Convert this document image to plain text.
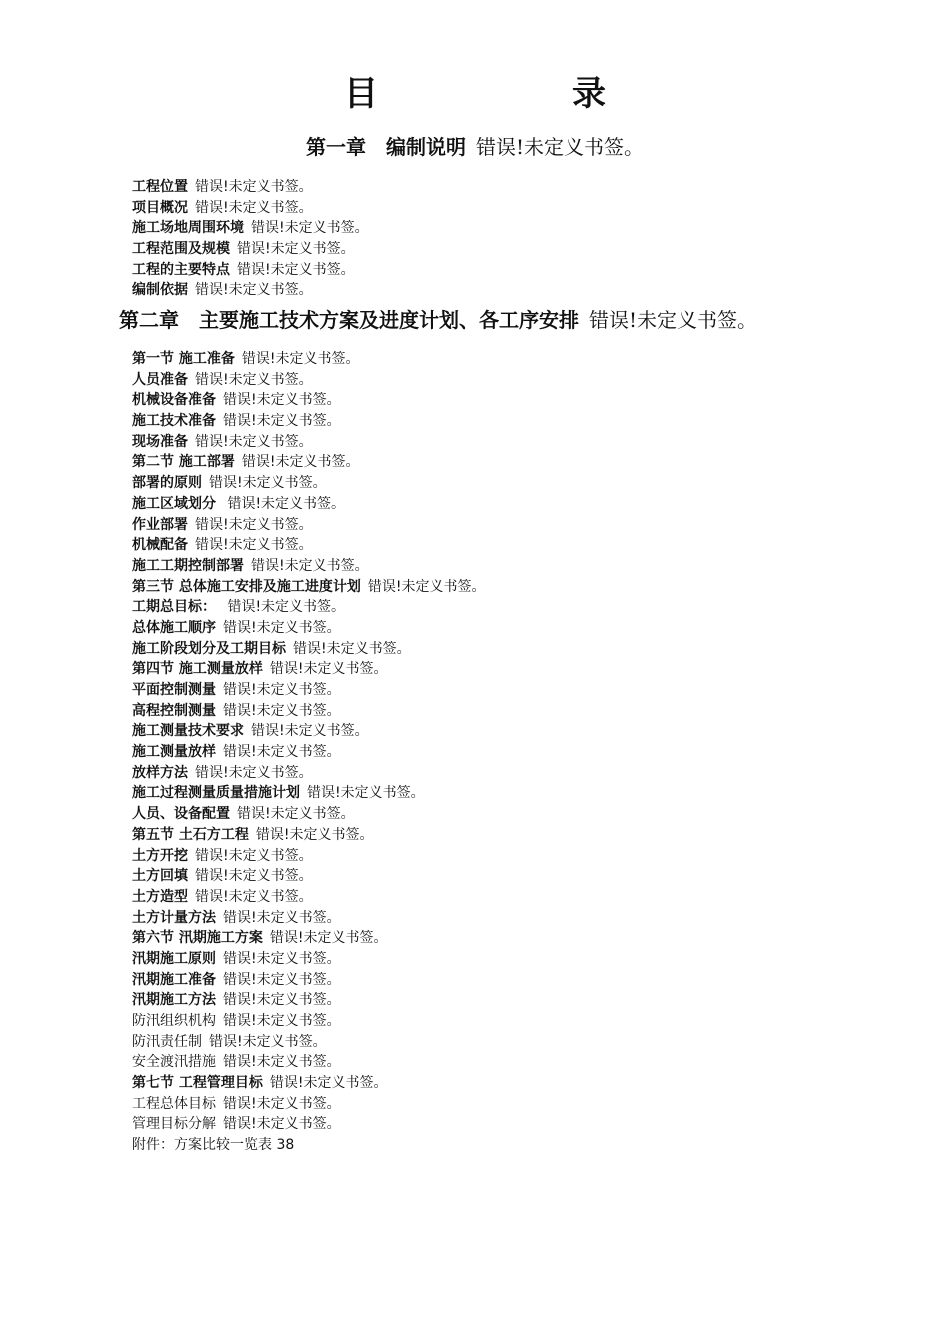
目　录
第一章　编制说明 错误!未定义书签。
工程位置 错误!未定义书签。
项目概况 错误!未定义书签。
施工场地周围环境 错误!未定义书签。
工程范围及规模 错误!未定义书签。
工程的主要特点 错误!未定义书签。
编制依据 错误!未定义书签。
第二章　主要施工技术方案及进度计划、各工序安排 错误!未定义书签。
第一节 施工准备 错误!未定义书签。
人员准备 错误!未定义书签。
机械设备准备 错误!未定义书签。
施工技术准备 错误!未定义书签。
现场准备 错误!未定义书签。
第二节 施工部署 错误!未定义书签。
部署的原则 错误!未定义书签。
施工区域划分 错误!未定义书签。
作业部署 错误!未定义书签。
机械配备 错误!未定义书签。
施工工期控制部署 错误!未定义书签。
第三节 总体施工安排及施工进度计划 错误!未定义书签。
工期总目标： 错误!未定义书签。
总体施工顺序 错误!未定义书签。
施工阶段划分及工期目标 错误!未定义书签。
第四节 施工测量放样 错误!未定义书签。
平面控制测量 错误!未定义书签。
高程控制测量 错误!未定义书签。
施工测量技术要求 错误!未定义书签。
施工测量放样 错误!未定义书签。
放样方法 错误!未定义书签。
施工过程测量质量措施计划 错误!未定义书签。
人员、设备配置 错误!未定义书签。
第五节 土石方工程 错误!未定义书签。
土方开挖 错误!未定义书签。
土方回填 错误!未定义书签。
土方造型 错误!未定义书签。
土方计量方法 错误!未定义书签。
第六节 汛期施工方案 错误!未定义书签。
汛期施工原则 错误!未定义书签。
汛期施工准备 错误!未定义书签。
汛期施工方法 错误!未定义书签。
防汛组织机构 错误!未定义书签。
防汛责任制 错误!未定义书签。
安全渡汛措施 错误!未定义书签。
第七节 工程管理目标 错误!未定义书签。
工程总体目标 错误!未定义书签。
管理目标分解 错误!未定义书签。
附件：方案比较一览表 38
